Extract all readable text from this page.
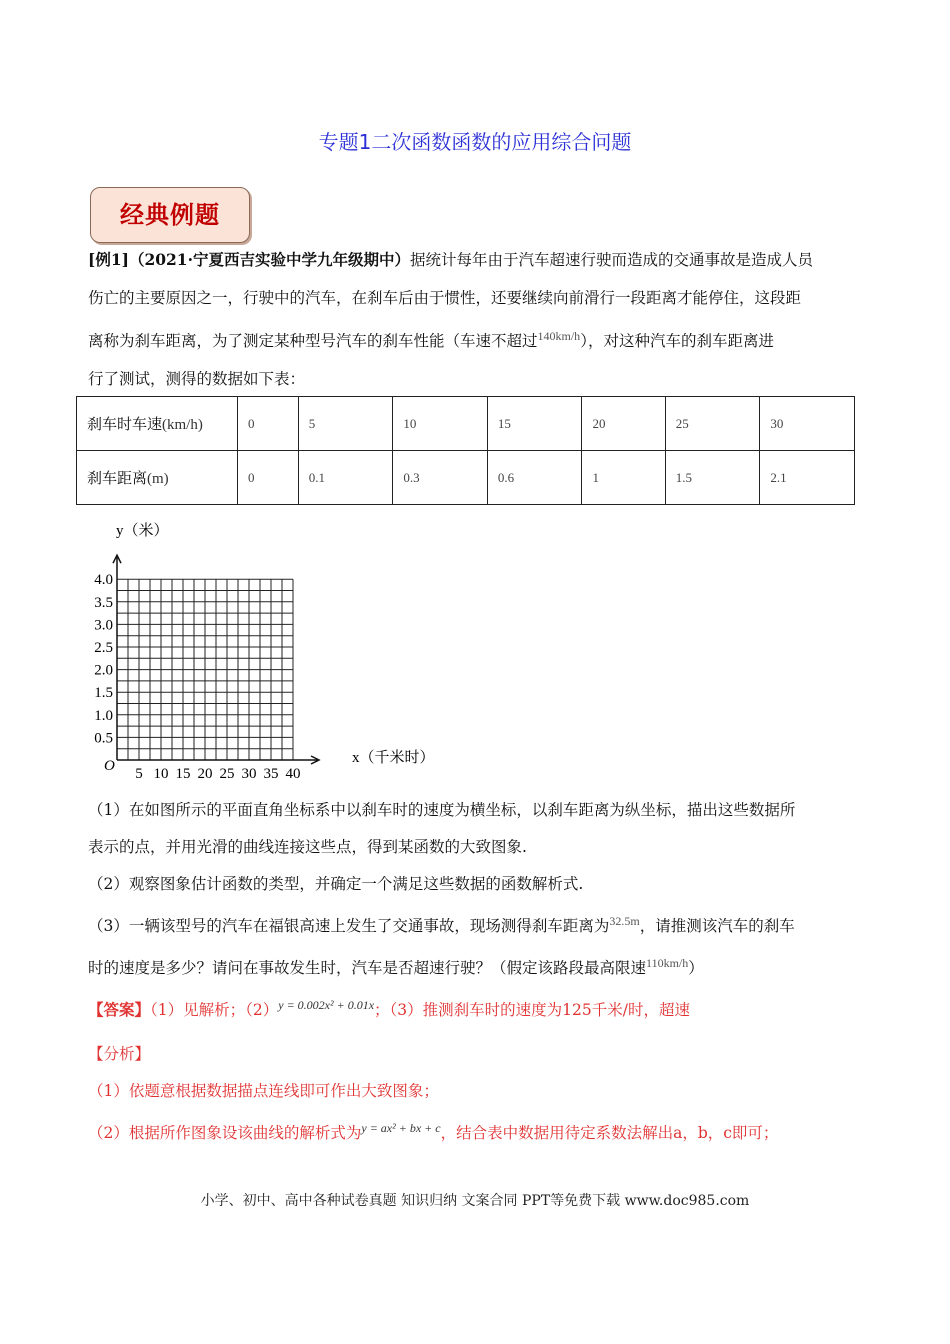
专题1二次函数函数的应用综合问题
经典例题
[例1]（2021·宁夏西吉实验中学九年级期中）据统计每年由于汽车超速行驶而造成的交通事故是造成人员
伤亡的主要原因之一，行驶中的汽车，在刹车后由于惯性，还要继续向前滑行一段距离才能停住，这段距
离称为刹车距离，为了测定某种型号汽车的刹车性能（车速不超过$^{140km/h}$），对这种汽车的刹车距离进
行了测试，测得的数据如下表：
刹车时车速(km/h)	0	5	10	15	20	25	30
刹车距离(m)	0	0.1	0.3	0.6	1	1.5	2.1
0.5
1.0
1.5
2.0
2.5
3.0
3.5
4.0
5 10 15 20 25 30 35 40
y（米）
x（千米时）
O
（1）在如图所示的平面直角坐标系中以刹车时的速度为横坐标，以刹车距离为纵坐标，描出这些数据所
表示的点，并用光滑的曲线连接这些点，得到某函数的大致图象.
（2）观察图象估计函数的类型，并确定一个满足这些数据的函数解析式.
（3）一辆该型号的汽车在福银高速上发生了交通事故，现场测得刹车距离为$^{32.5m}$，请推测该汽车的刹车
时的速度是多少？请问在事故发生时，汽车是否超速行驶？（假定该路段最高限速$^{110km/h}$）
【答案】（1）见解析；$(2)^{y = 0.002x^2 + 0.01x}$；（3）推测刹车时的速度为125千米/时，超速
【分析】
（1）依题意根据数据描点连线即可作出大致图象；
（2）根据所作图象设该曲线的解析式为$^{y = ax^2 + bx + c}$，结合表中数据用待定系数法解出a，b，c即可；
小学、初中、高中各种试卷真题 知识归纳 文案合同 PPT等免费下载 www.doc985.com
